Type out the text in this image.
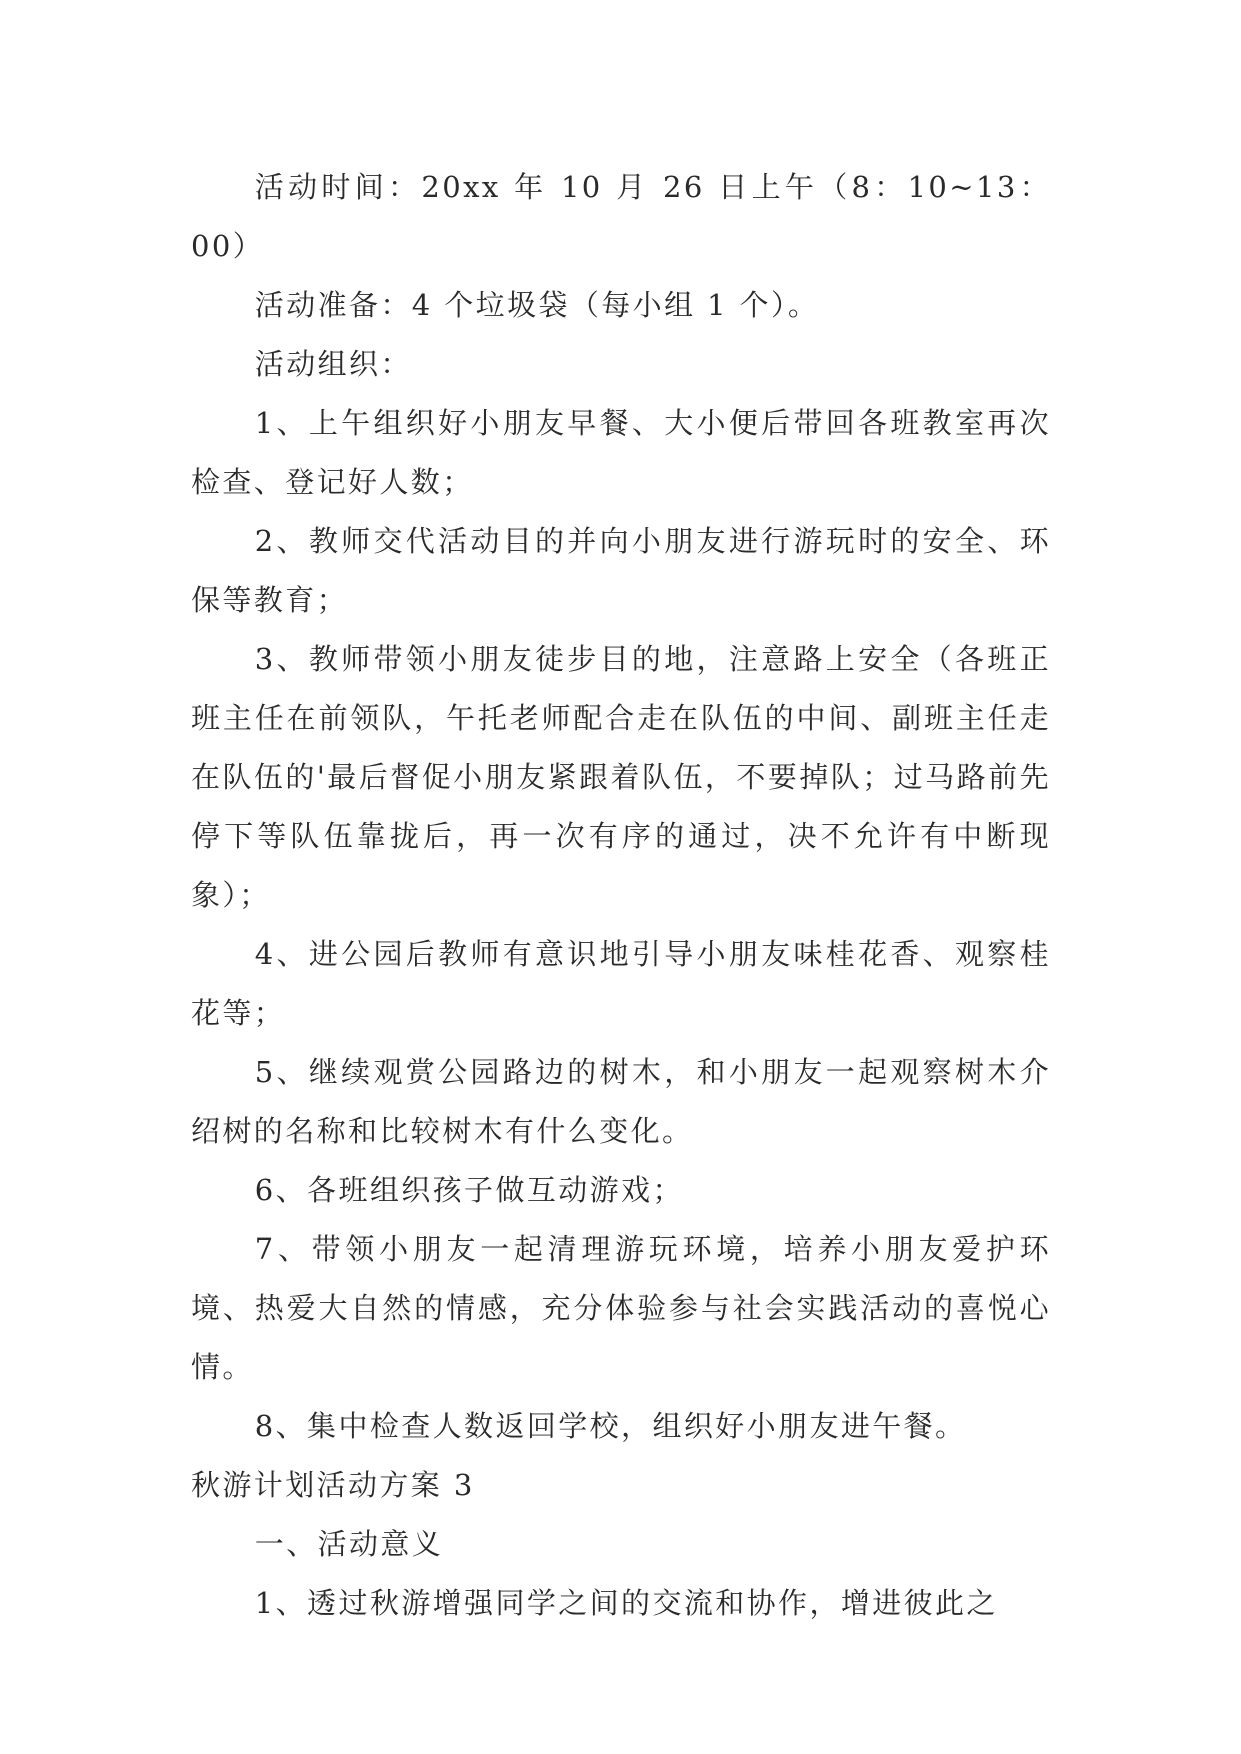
活动时间：20xx 年 10 月 26 日上午（8：10~13：00）

活动准备：4 个垃圾袋（每小组 1 个）。

活动组织：

1、上午组织好小朋友早餐、大小便后带回各班教室再次检查、登记好人数；

2、教师交代活动目的并向小朋友进行游玩时的安全、环保等教育；

3、教师带领小朋友徒步目的地，注意路上安全（各班正班主任在前领队，午托老师配合走在队伍的中间、副班主任走在队伍的'最后督促小朋友紧跟着队伍，不要掉队；过马路前先停下等队伍靠拢后，再一次有序的通过，决不允许有中断现象）；

4、进公园后教师有意识地引导小朋友味桂花香、观察桂花等；

5、继续观赏公园路边的树木，和小朋友一起观察树木介绍树的名称和比较树木有什么变化。

6、各班组织孩子做互动游戏；

7、带领小朋友一起清理游玩环境，培养小朋友爱护环境、热爱大自然的情感，充分体验参与社会实践活动的喜悦心情。

8、集中检查人数返回学校，组织好小朋友进午餐。

秋游计划活动方案 3

一、活动意义

1、透过秋游增强同学之间的交流和协作，增进彼此之
